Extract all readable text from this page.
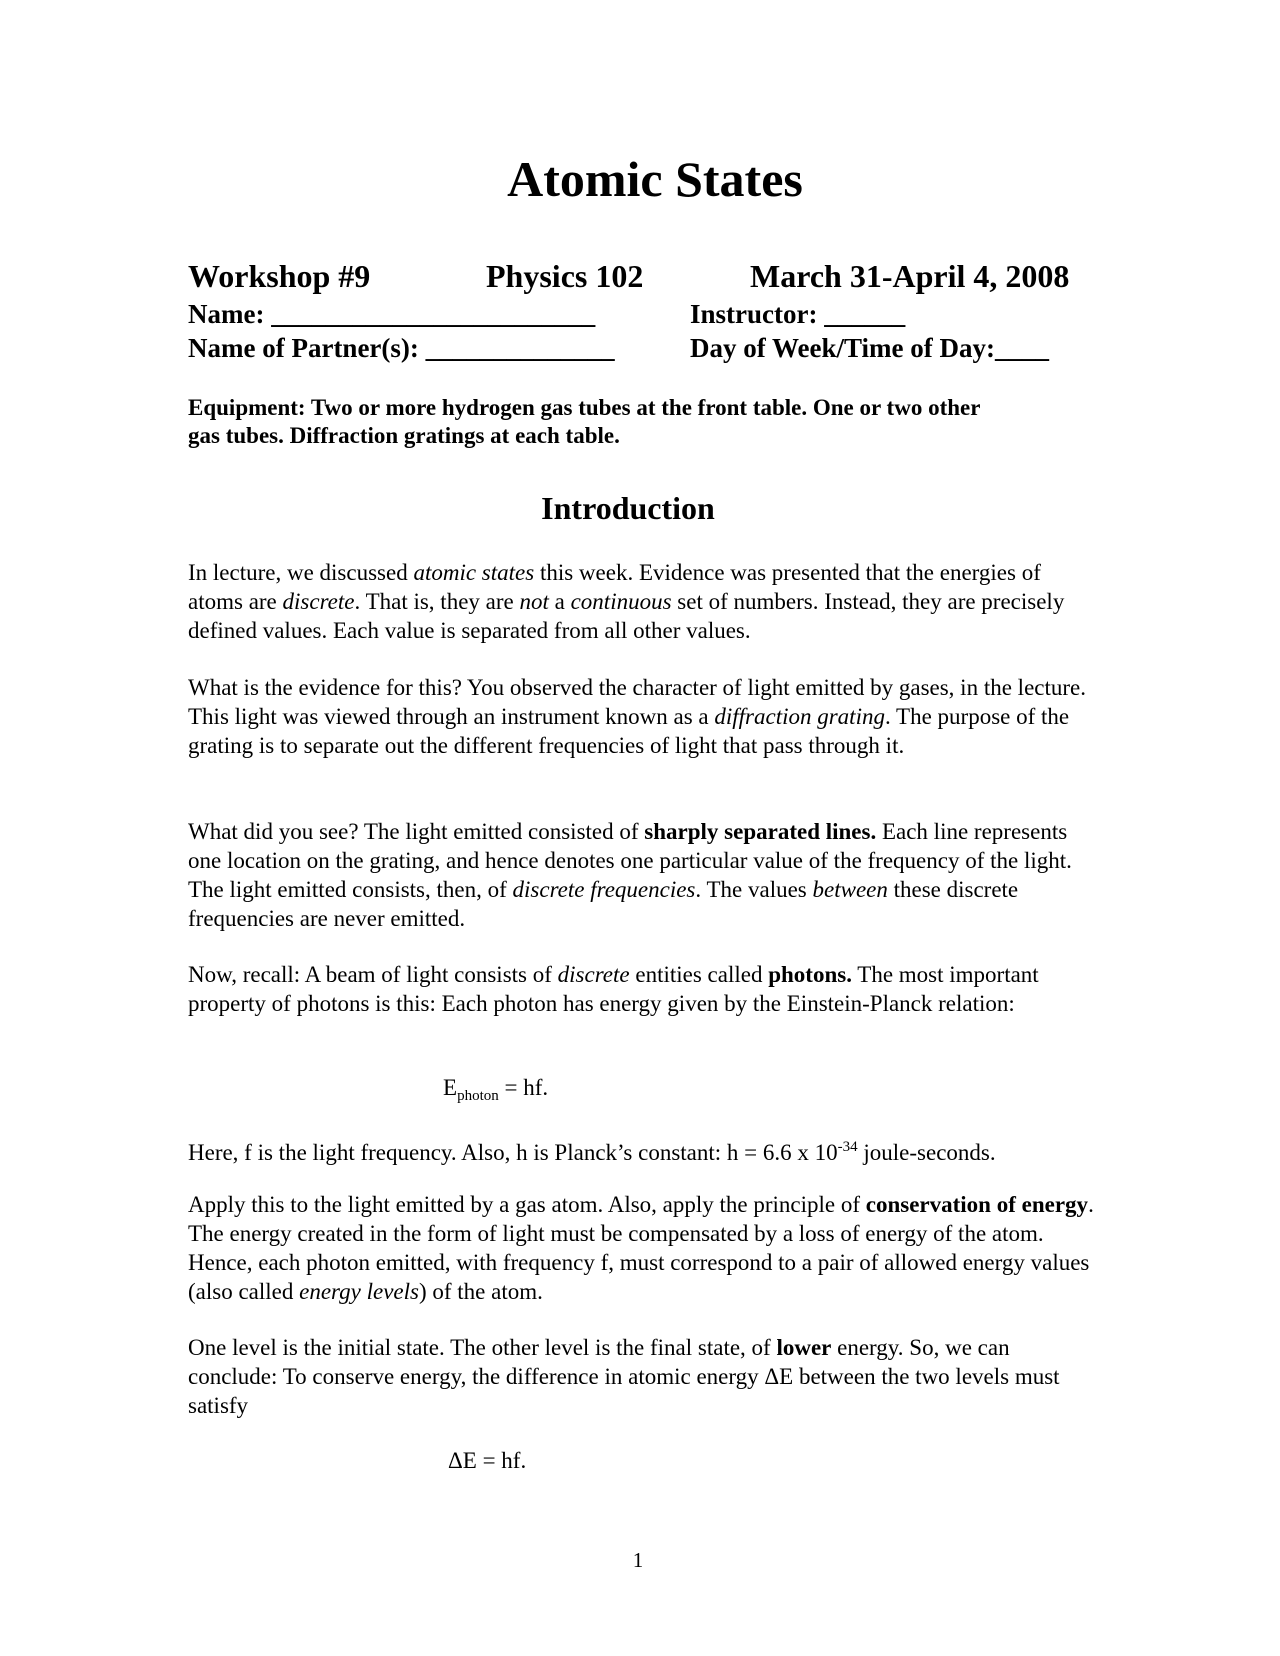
Atomic States
Workshop #9	Physics 102	March 31-April 4, 2008
Name: ________________________	Instructor: ______
Name of Partner(s): ______________	Day of Week/Time of Day:____
Equipment: Two or more hydrogen gas tubes at the front table. One or two other
gas tubes. Diffraction gratings at each table.
Introduction

In lecture, we discussed atomic states this week. Evidence was presented that the energies of atoms are discrete. That is, they are not a continuous set of numbers. Instead, they are precisely defined values. Each value is separated from all other values.

What is the evidence for this? You observed the character of light emitted by gases, in the lecture. This light was viewed through an instrument known as a diffraction grating. The purpose of the grating is to separate out the different frequencies of light that pass through it.

What did you see? The light emitted consisted of sharply separated lines. Each line represents one location on the grating, and hence denotes one particular value of the frequency of the light. The light emitted consists, then, of discrete frequencies. The values between these discrete frequencies are never emitted.

Now, recall: A beam of light consists of discrete entities called photons. The most important property of photons is this: Each photon has energy given by the Einstein-Planck relation:

$E_{photon}$ = hf.

Here, f is the light frequency. Also, h is Planck’s constant: h = 6.6 x $10^{-34}$ joule-seconds.

Apply this to the light emitted by a gas atom. Also, apply the principle of conservation of energy. The energy created in the form of light must be compensated by a loss of energy of the atom. Hence, each photon emitted, with frequency f, must correspond to a pair of allowed energy values (also called energy levels) of the atom.

One level is the initial state. The other level is the final state, of lower energy. So, we can conclude: To conserve energy, the difference in atomic energy ΔE between the two levels must satisfy

ΔE = hf.
1
